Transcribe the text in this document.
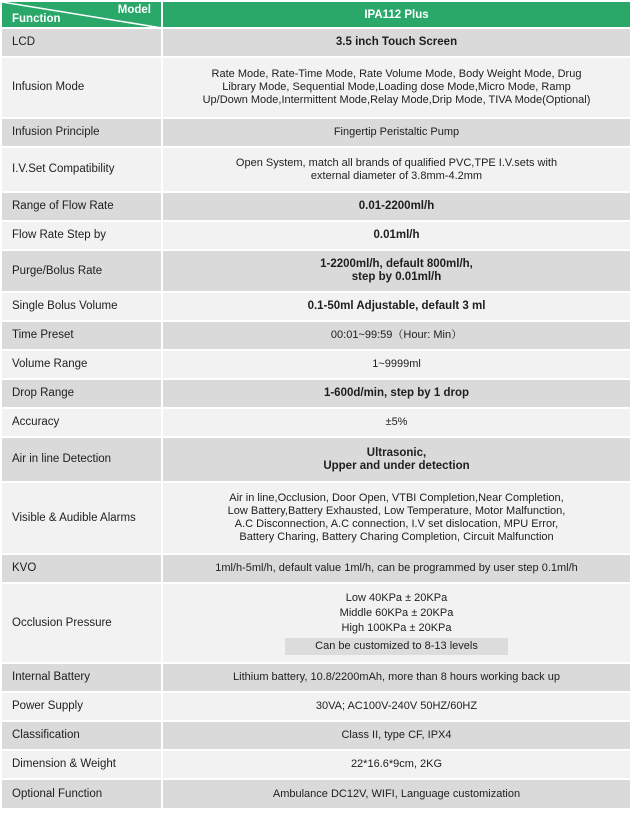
Model
Function	IPA112 Plus
LCD	3.5 inch Touch Screen
Infusion Mode	Rate Mode, Rate-Time Mode, Rate Volume Mode, Body Weight Mode, Drug
Library Mode, Sequential Mode,Loading dose Mode,Micro Mode, Ramp
Up/Down Mode,Intermittent Mode,Relay Mode,Drip Mode, TIVA Mode(Optional)

Infusion Principle	Fingertip Peristaltic Pump
I.V.Set Compatibility	Open System, match all brands of qualified PVC,TPE I.V.sets with
external diameter of 3.8mm-4.2mm

Range of Flow Rate	0.01-2200ml/h
Flow Rate Step by	0.01ml/h
Purge/Bolus Rate	1-2200ml/h, default 800ml/h,
step by 0.01ml/h

Single Bolus Volume	0.1-50ml Adjustable, default 3 ml
Time Preset	00:01~99:59（Hour: Min）
Volume Range	1~9999ml
Drop Range	1-600d/min, step by 1 drop
Accuracy	±5%
Air in line Detection	Ultrasonic,
Upper and under detection

Visible & Audible Alarms	Air in line,Occlusion, Door Open, VTBI Completion,Near Completion,
Low Battery,Battery Exhausted, Low Temperature, Motor Malfunction,
A.C Disconnection, A.C connection, I.V set dislocation, MPU Error,
Battery Charing, Battery Charing Completion, Circuit Malfunction

KVO	1ml/h-5ml/h, default value 1ml/h, can be programmed by user step 0.1ml/h
Occlusion Pressure	Low 40KPa ± 20KPa
Middle 60KPa ± 20KPa
High 100KPa ± 20KPa
Can be customized to 8-13 levels

Internal Battery	Lithium battery, 10.8/2200mAh, more than 8 hours working back up
Power Supply	30VA; AC100V-240V 50HZ/60HZ
Classification	Class II, type CF, IPX4
Dimension & Weight	22*16.6*9cm, 2KG
Optional Function	Ambulance DC12V, WIFI, Language customization
